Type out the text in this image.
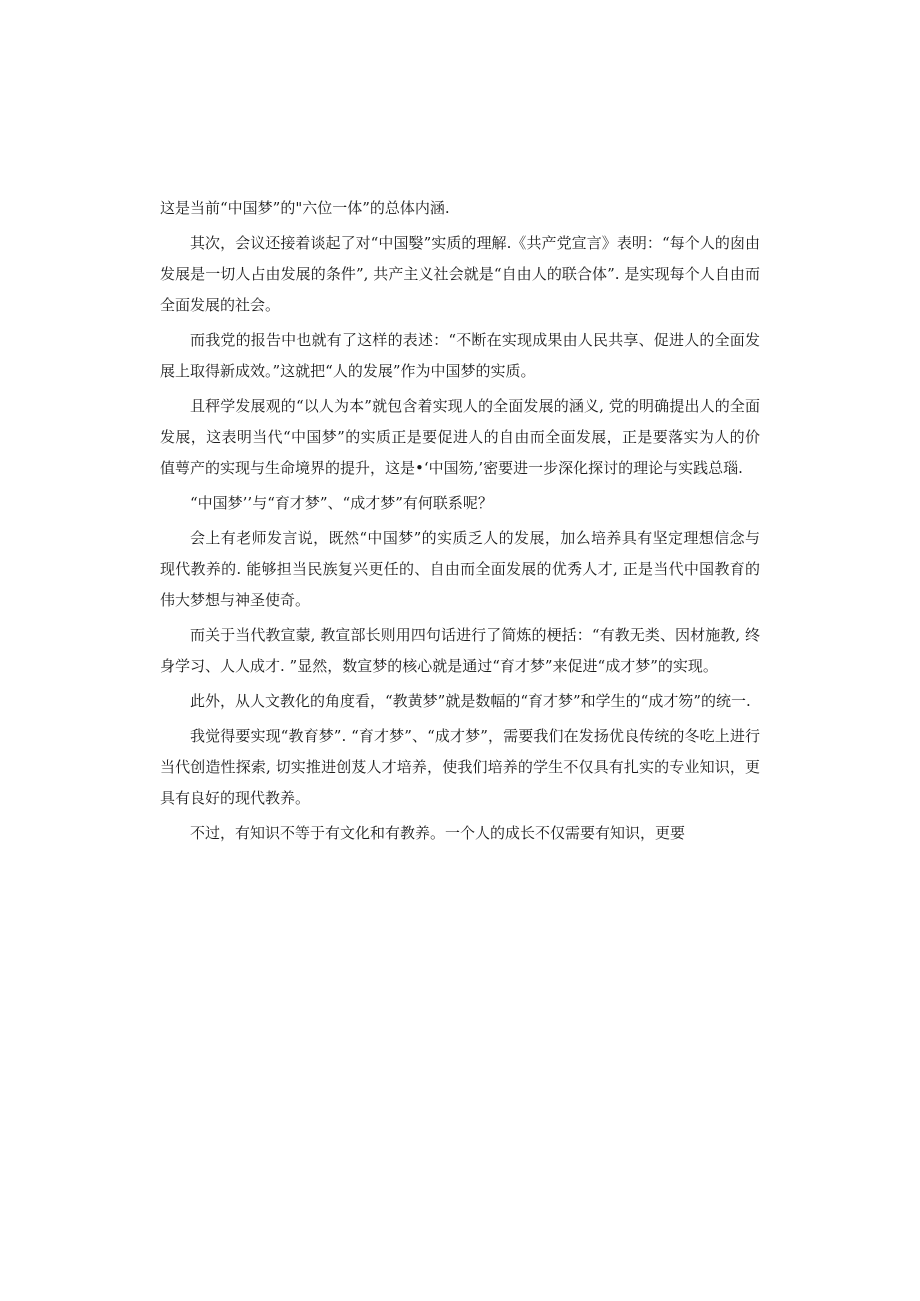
这是当前“中国梦”的"六位一体”的总体内涵.

其次，会议还接着谈起了对“中国嫛”实质的理解.《共产党宣言》表明：“每个人的囱由发展是一切人占由发展的条件”, 共产主义社会就是“自由人的联合体”. 是实现每个人自由而全面发展的社会。

而我党的报告中也就有了这样的表述：“不断在实现成果由人民共享、促进人的全面发展上取得新成效。”这就把“人的发展”作为中国梦的实质。

且秤学发展观的“以人为本”就包含着实现人的全面发展的涵义, 党的明确提出人的全面发展，这表明当代“中国梦”的实质正是要促进人的自由而全面发展，正是要落实为人的价值萼产的实现与生命境界的提升，这是•‘中国笏,’密要进一步深化探讨的理论与实践总瑙.

“中国梦’’与“育才梦”、“成才梦”有何联系呢？

会上有老师发言说，既然“中国梦”的实质乏人的发展，加么培养具有坚定理想信念与现代教养的. 能够担当民族复兴更任的、自由而全面发展的优秀人才, 正是当代中国教育的伟大梦想与神圣使奇。

而关于当代教宣蒙, 教宣部长则用四句话进行了简炼的梗括：“有教无类、因材施教, 终身学习、人人成才. ”显然，数宣梦的核心就是通过“育才梦”来促进“成才梦”的实现。

此外，从人文教化的角度看，“教黄梦”就是数幅的“育才梦”和学生的“成才笏”的统一.

我觉得要实现“教育梦”. “育才梦”、“成才梦”，需要我们在发扬优良传统的冬吃上进行当代创造性探索, 切实推进创芨人才培养，使我们培养的学生不仅具有扎实的专业知识，更具有良好的现代教养。

不过，有知识不等于有文化和有教养。一个人的成长不仅需要有知识，更要
